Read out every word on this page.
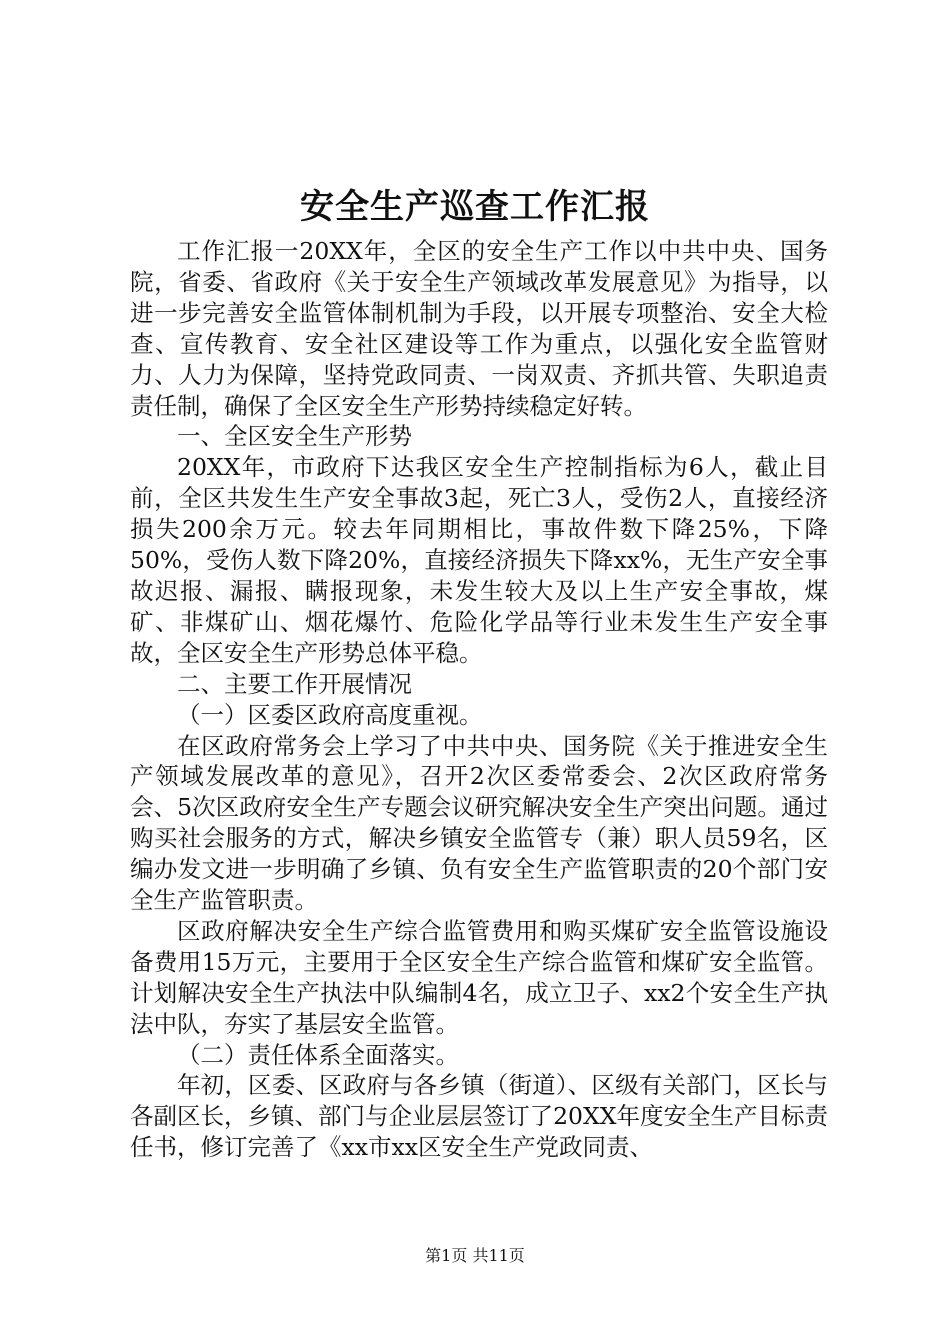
安全生产巡查工作汇报

工作汇报一20XX年，全区的安全生产工作以中共中央、国务院，省委、省政府《关于安全生产领域改革发展意见》为指导，以进一步完善安全监管体制机制为手段，以开展专项整治、安全大检查、宣传教育、安全社区建设等工作为重点，以强化安全监管财力、人力为保障，坚持党政同责、一岗双责、齐抓共管、失职追责责任制，确保了全区安全生产形势持续稳定好转。

一、全区安全生产形势

20XX年，市政府下达我区安全生产控制指标为6人，截止目前，全区共发生生产安全事故3起，死亡3人，受伤2人，直接经济损失200余万元。较去年同期相比，事故件数下降25%，下降50%，受伤人数下降20%，直接经济损失下降xx%，无生产安全事故迟报、漏报、瞒报现象，未发生较大及以上生产安全事故，煤矿、非煤矿山、烟花爆竹、危险化学品等行业未发生生产安全事故，全区安全生产形势总体平稳。

二、主要工作开展情况

（一）区委区政府高度重视。

在区政府常务会上学习了中共中央、国务院《关于推进安全生产领域发展改革的意见》，召开2次区委常委会、2次区政府常务会、5次区政府安全生产专题会议研究解决安全生产突出问题。通过购买社会服务的方式，解决乡镇安全监管专（兼）职人员59名，区编办发文进一步明确了乡镇、负有安全生产监管职责的20个部门安全生产监管职责。

区政府解决安全生产综合监管费用和购买煤矿安全监管设施设备费用15万元，主要用于全区安全生产综合监管和煤矿安全监管。计划解决安全生产执法中队编制4名，成立卫子、xx2个安全生产执法中队，夯实了基层安全监管。

（二）责任体系全面落实。

年初，区委、区政府与各乡镇（街道）、区级有关部门，区长与各副区长，乡镇、部门与企业层层签订了20XX年度安全生产目标责任书，修订完善了《xx市xx区安全生产党政同责、

第1页 共11页
